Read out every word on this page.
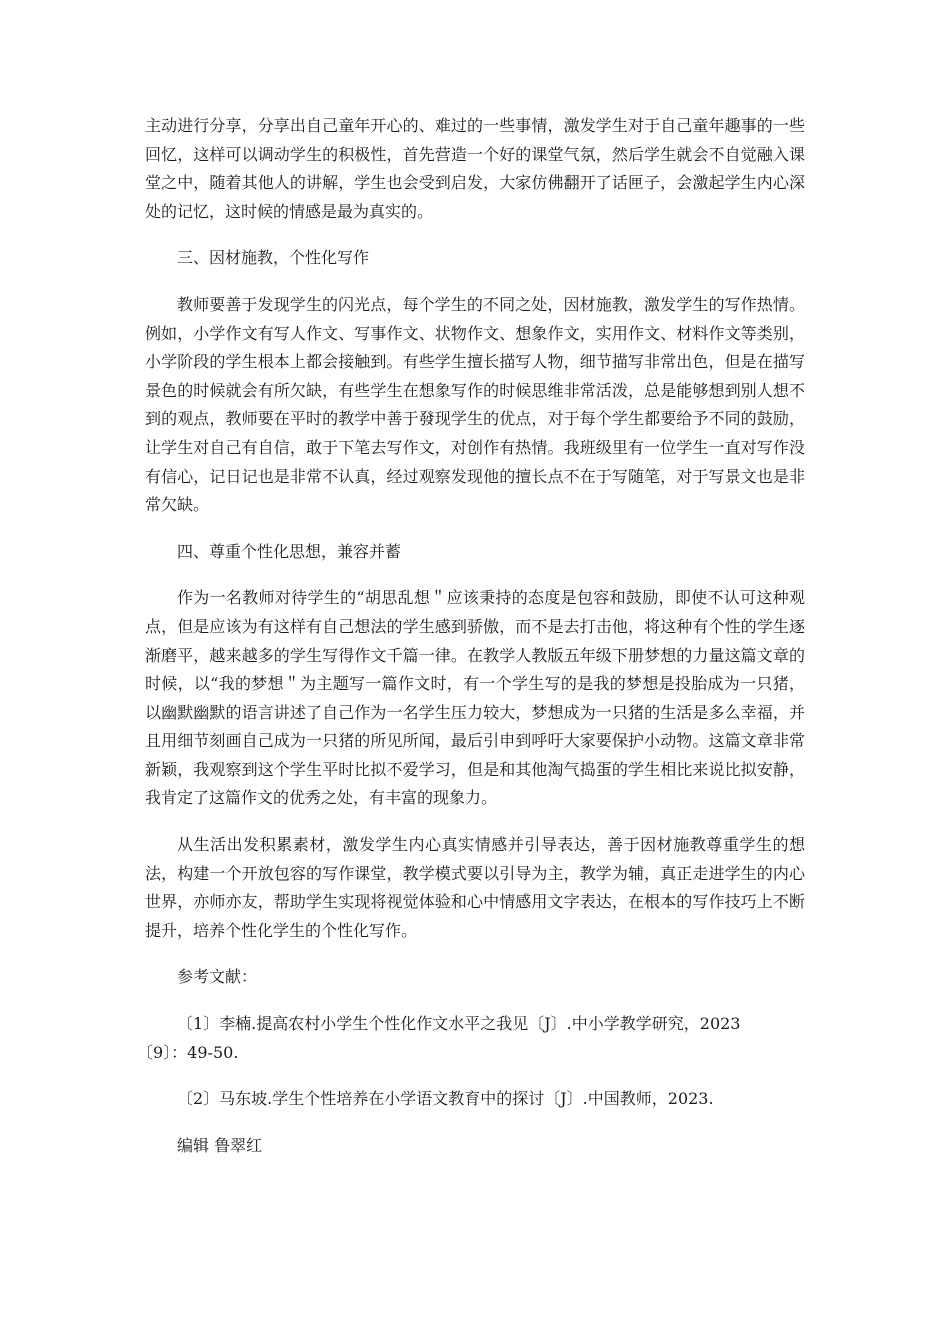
主动进行分享，分享出自己童年开心的、难过的一些事情，激发学生对于自己童年趣事的一些回忆，这样可以调动学生的积极性，首先营造一个好的课堂气氛，然后学生就会不自觉融入课堂之中，随着其他人的讲解，学生也会受到启发，大家仿佛翻开了话匣子，会激起学生内心深处的记忆，这时候的情感是最为真实的。

三、因材施教，个性化写作

教师要善于发现学生的闪光点，每个学生的不同之处，因材施教，激发学生的写作热情。例如，小学作文有写人作文、写事作文、状物作文、想象作文，实用作文、材料作文等类别，小学阶段的学生根本上都会接触到。有些学生擅长描写人物，细节描写非常出色，但是在描写景色的时候就会有所欠缺，有些学生在想象写作的时候思维非常活泼，总是能够想到别人想不到的观点，教师要在平时的教学中善于發现学生的优点，对于每个学生都要给予不同的鼓励，让学生对自己有自信，敢于下笔去写作文，对创作有热情。我班级里有一位学生一直对写作没有信心，记日记也是非常不认真，经过观察发现他的擅长点不在于写随笔，对于写景文也是非常欠缺。

四、尊重个性化思想，兼容并蓄

作为一名教师对待学生的“胡思乱想＂应该秉持的态度是包容和鼓励，即使不认可这种观点，但是应该为有这样有自己想法的学生感到骄傲，而不是去打击他，将这种有个性的学生逐渐磨平，越来越多的学生写得作文千篇一律。在教学人教版五年级下册梦想的力量这篇文章的时候，以“我的梦想＂为主题写一篇作文时，有一个学生写的是我的梦想是投胎成为一只猪，以幽默幽默的语言讲述了自己作为一名学生压力较大，梦想成为一只猪的生活是多么幸福，并且用细节刻画自己成为一只猪的所见所闻，最后引申到呼吁大家要保护小动物。这篇文章非常新颖，我观察到这个学生平时比拟不爱学习，但是和其他淘气捣蛋的学生相比来说比拟安静，我肯定了这篇作文的优秀之处，有丰富的现象力。

从生活出发积累素材，激发学生内心真实情感并引导表达，善于因材施教尊重学生的想法，构建一个开放包容的写作课堂，教学模式要以引导为主，教学为辅，真正走进学生的内心世界，亦师亦友，帮助学生实现将视觉体验和心中情感用文字表达，在根本的写作技巧上不断提升，培养个性化学生的个性化写作。

参考文献：

〔1〕李楠.提高农村小学生个性化作文水平之我见〔J〕.中小学教学研究，2023
〔9〕：49-50.

〔2〕马东坡.学生个性培养在小学语文教育中的探讨〔J〕.中国教师，2023.

编辑 鲁翠红
